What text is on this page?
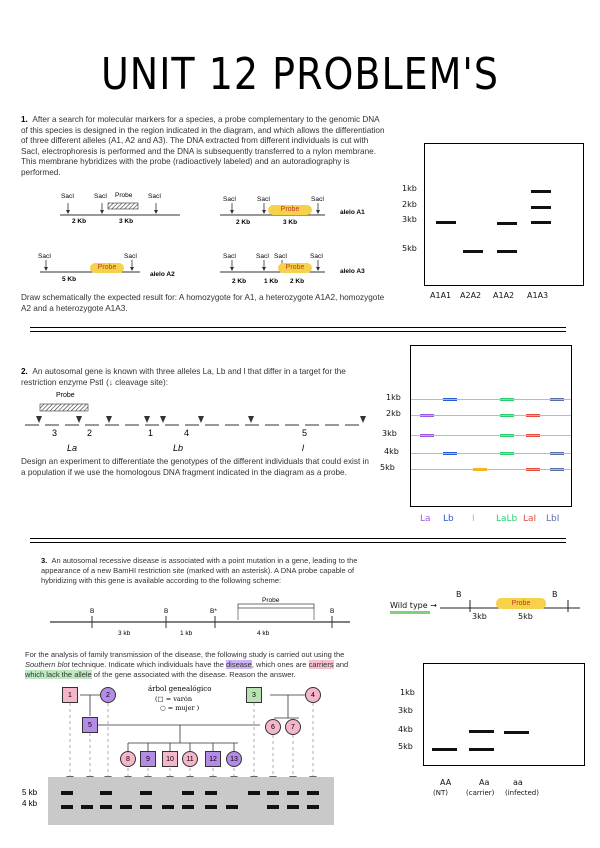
UNIT 12 PROBLEM'S
1. After a search for molecular markers for a species, a probe complementary to the genomic DNA of this species is designed in the region indicated in the diagram, and which allows the differentiation of three different alleles (A1, A2 and A3). The DNA extracted from different individuals is cut with SacI, electrophoresis is performed and the DNA is subsequently transferred to a nylon membrane. This membrane hybridizes with the probe (radioactively labeled) and an autoradiography is performed.
SacI	SacI Probe SacI
2 Kb	3 Kb
SacI	SacI	SacI
Probe
2 Kb	3 Kb
alelo A1
SacI	SacI
Probe
5 Kb
alelo A2
SacI	SacI SacI	SacI
Probe
2 Kb	1 Kb 2 Kb
alelo A3
Draw schematically the expected result for: A homozygote for A1, a heterozygote A1A2, homozygote A2 and a heterozygote A1A3.
1kb
2kb
3kb
5kb
A1A1 A2A2 A1A2 A1A3
2. An autosomal gene is known with three alleles La, Lb and l that differ in a target for the restriction enzyme PstI (↓ cleavage site):
Probe
3	2	1	4	5
La	Lb	l
Design an experiment to differentiate the genotypes of the different individuals that could exist in a population if we use the homologous DNA fragment indicated in the diagram as a probe.
1kb
2kb
3kb
4kb
5kb
La Lb I LaLb LaI LbI
3. An autosomal recessive disease is associated with a point mutation in a gene, leading to the appearance of a new BamHI restriction site (marked with an asterisk). A DNA probe capable of hybridizing with this gene is available according to the following scheme:
Probe
B	B	B*	B
3 kb	1 kb	4 kb
For the analysis of family transmission of the disease, the following study is carried out using the Southern blot technique. Indicate which individuals have the disease, which ones are carriers and which lack the allele of the gene associated with the disease. Reason the answer.
1	2	3	4
5	6	7
8	9	10	11	12	13
árbol genealógico
(□ = varón
○ = mujer )
5 kb
4 kb
Wild type →
B	B
Probe
3kb	5kb
1kb
3kb
4kb
5kb
AA	Aa	aa
(NT)	(carrier) (infected)
